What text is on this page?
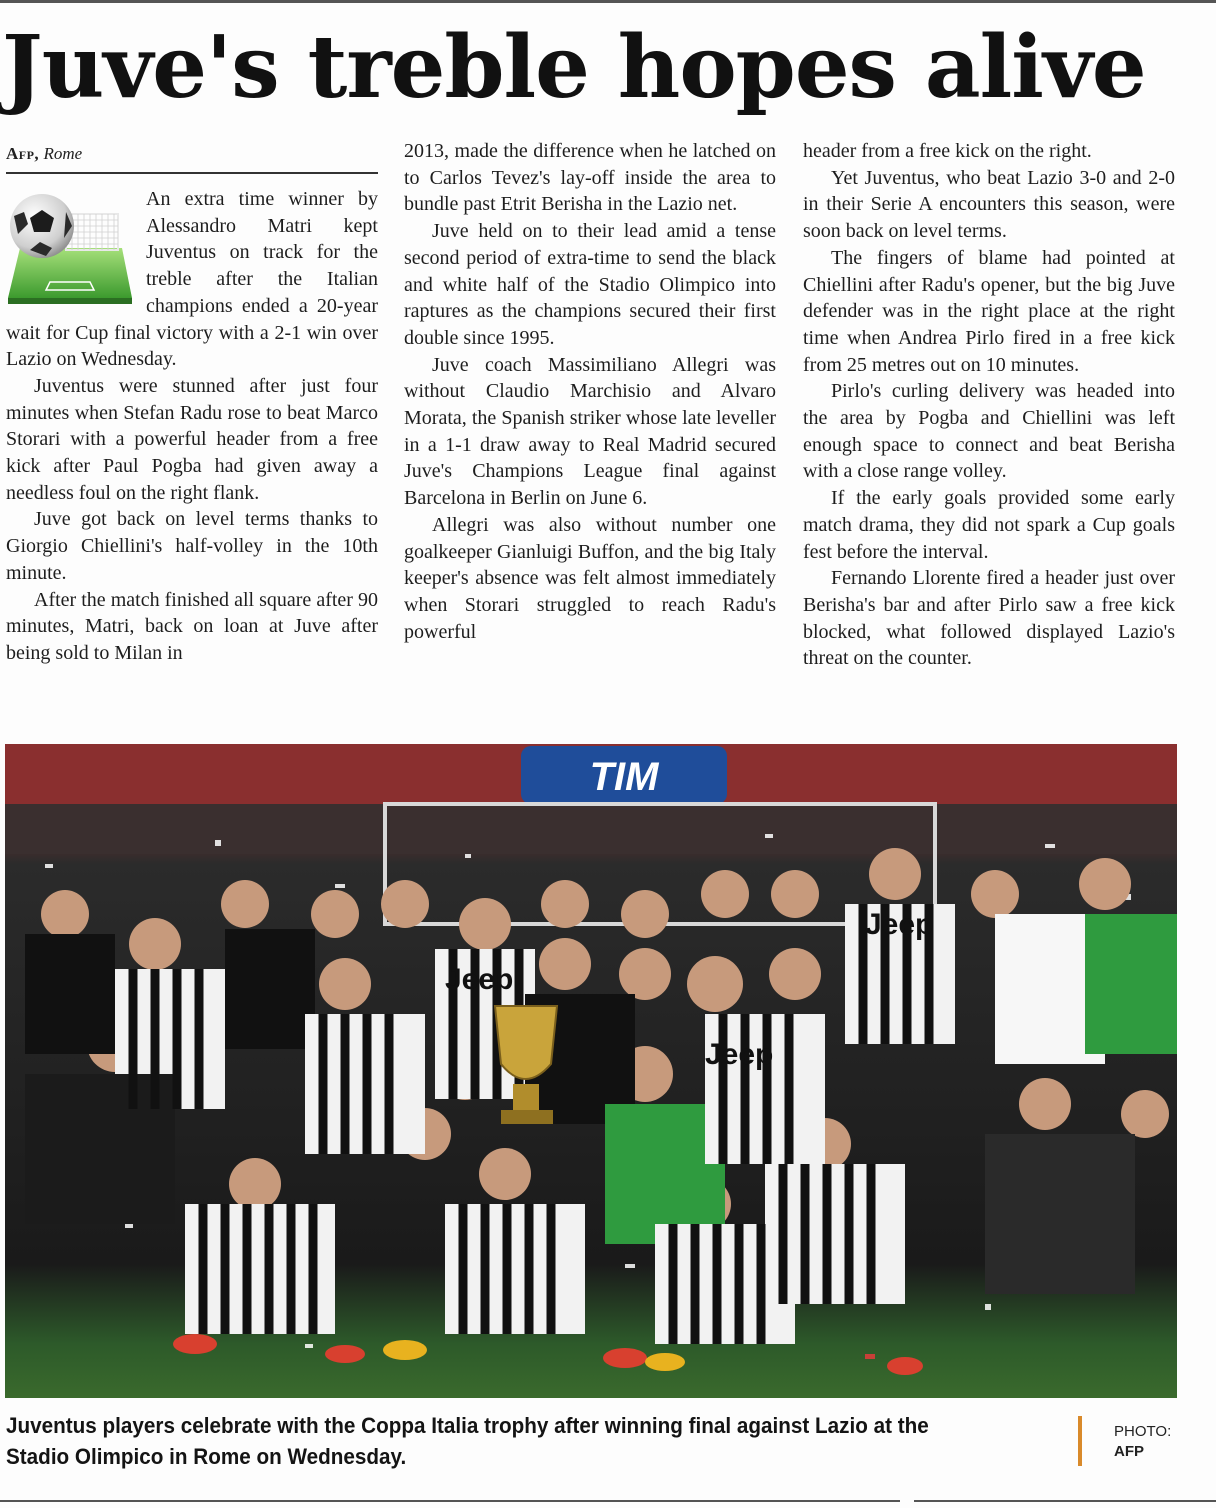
Juve's treble hopes alive
Afp, Rome

An extra time winner by Alessandro Matri kept Juventus on track for the treble after the Italian champions ended a 20-year wait for Cup final victory with a 2-1 win over Lazio on Wednesday.

Juventus were stunned after just four minutes when Stefan Radu rose to beat Marco Storari with a powerful header from a free kick after Paul Pogba had given away a needless foul on the right flank.

Juve got back on level terms thanks to Giorgio Chiellini's half-volley in the 10th minute.

After the match finished all square after 90 minutes, Matri, back on loan at Juve after being sold to Milan in

2013, made the difference when he latched on to Carlos Tevez's lay-off inside the area to bundle past Etrit Berisha in the Lazio net.

Juve held on to their lead amid a tense second period of extra-time to send the black and white half of the Stadio Olimpico into raptures as the champions secured their first double since 1995.

Juve coach Massimiliano Allegri was without Claudio Marchisio and Alvaro Morata, the Spanish striker whose late leveller in a 1-1 draw away to Real Madrid secured Juve's Champions League final against Barcelona in Berlin on June 6.

Allegri was also without number one goalkeeper Gianluigi Buffon, and the big Italy keeper's absence was felt almost immediately when Storari struggled to reach Radu's powerful

header from a free kick on the right.

Yet Juventus, who beat Lazio 3-0 and 2-0 in their Serie A encounters this season, were soon back on level terms.

The fingers of blame had pointed at Chiellini after Radu's opener, but the big Juve defender was in the right place at the right time when Andrea Pirlo fired in a free kick from 25 metres out on 10 minutes.

Pirlo's curling delivery was headed into the area by Pogba and Chiellini was left enough space to connect and beat Berisha with a close range volley.

If the early goals provided some early match drama, they did not spark a Cup goals fest before the interval.

Fernando Llorente fired a header just over Berisha's bar and after Pirlo saw a free kick blocked, what followed displayed Lazio's threat on the counter.

TIM
Jeep
Jeep
Jeep
Juventus players celebrate with the Coppa Italia trophy after winning final against Lazio at the Stadio Olimpico in Rome on Wednesday.
PHOTO:
AFP
